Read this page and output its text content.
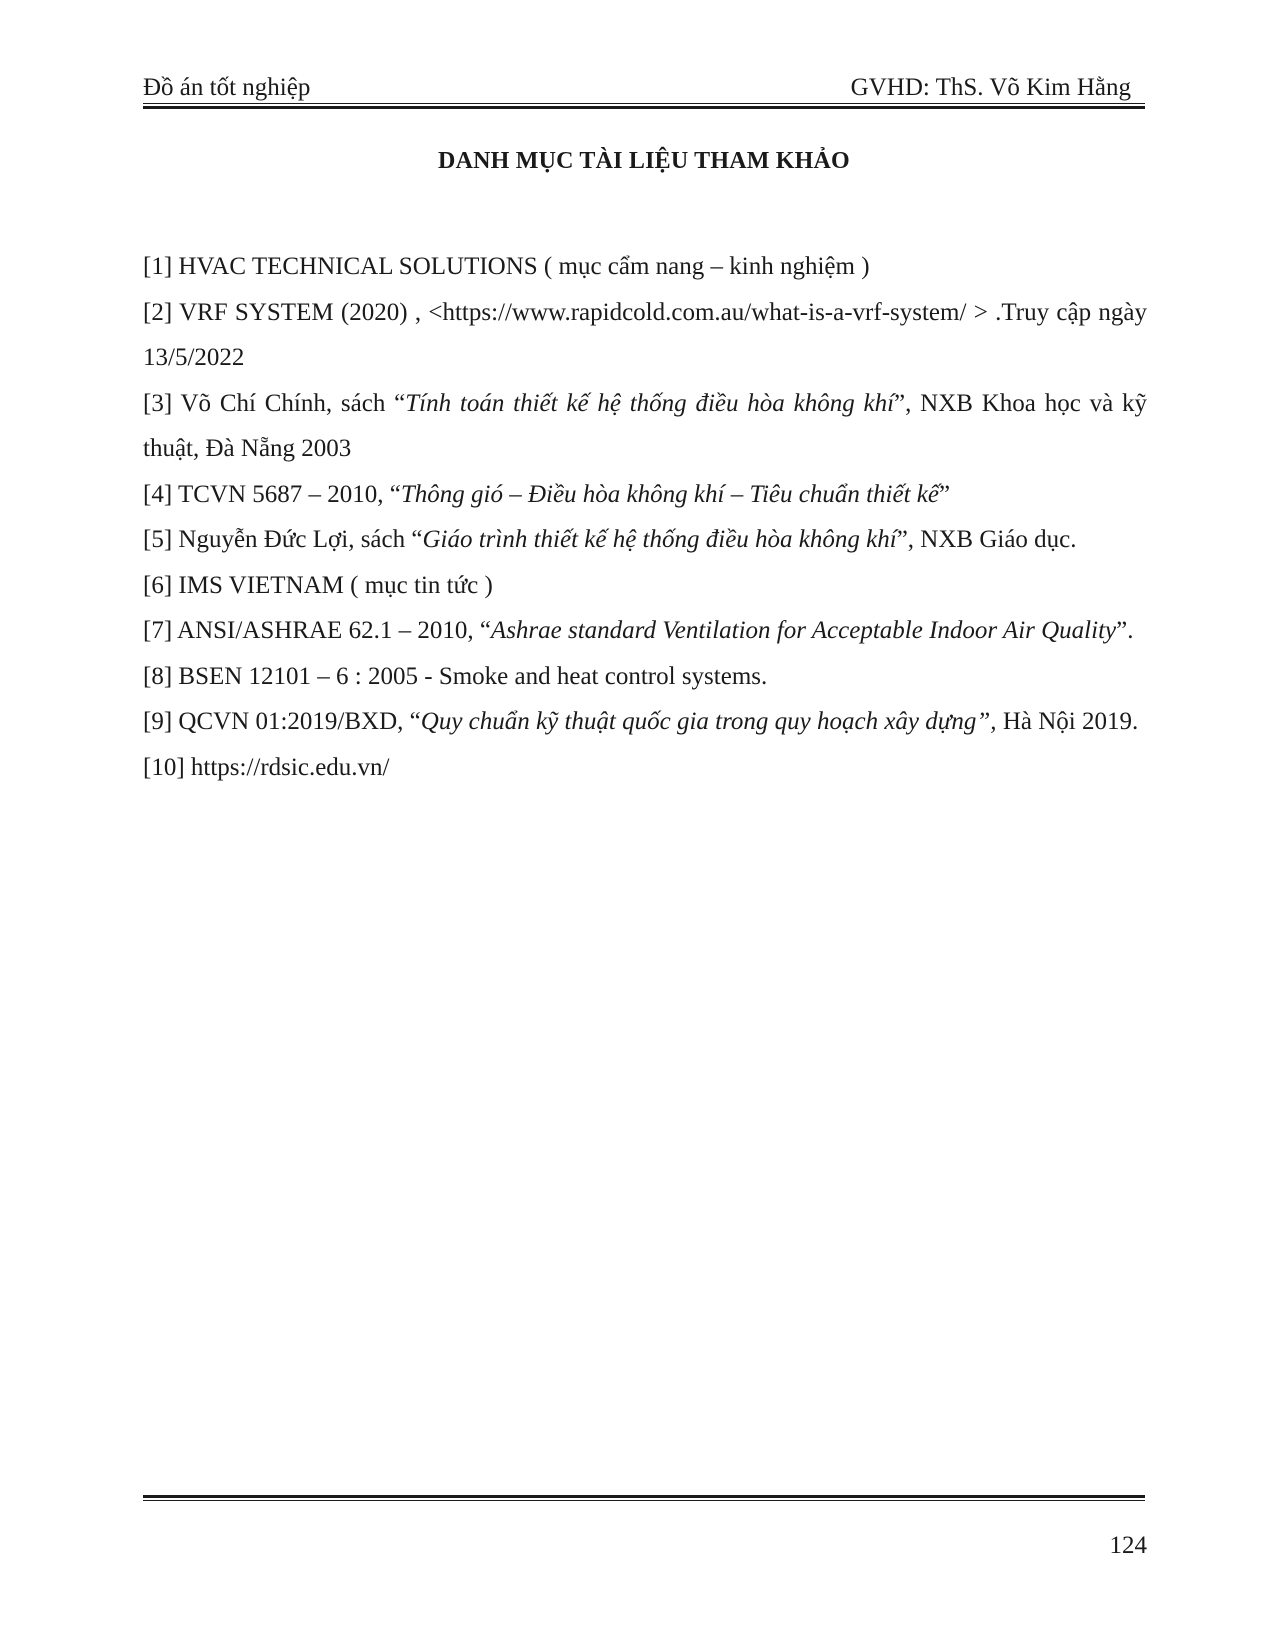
Đồ án tốt nghiệp	GVHD: ThS. Võ Kim Hằng
DANH MỤC TÀI LIỆU THAM KHẢO

[1] HVAC TECHNICAL SOLUTIONS ( mục cẩm nang – kinh nghiệm )

[2] VRF SYSTEM (2020) , <https://www.rapidcold.com.au/what-is-a-vrf-system/ > .Truy cập ngày 13/5/2022

[3] Võ Chí Chính, sách “Tính toán thiết kế hệ thống điều hòa không khí”, NXB Khoa học và kỹ thuật, Đà Nẵng 2003

[4] TCVN 5687 – 2010, “Thông gió – Điều hòa không khí – Tiêu chuẩn thiết kế”

[5] Nguyễn Đức Lợi, sách “Giáo trình thiết kế hệ thống điều hòa không khí”, NXB Giáo dục.

[6] IMS VIETNAM ( mục tin tức )

[7] ANSI/ASHRAE 62.1 – 2010, “Ashrae standard Ventilation for Acceptable Indoor Air Quality”.

[8] BSEN 12101 – 6 : 2005 - Smoke and heat control systems.

[9] QCVN 01:2019/BXD, “Quy chuẩn kỹ thuật quốc gia trong quy hoạch xây dựng”, Hà Nội 2019.

[10] https://rdsic.edu.vn/

124
